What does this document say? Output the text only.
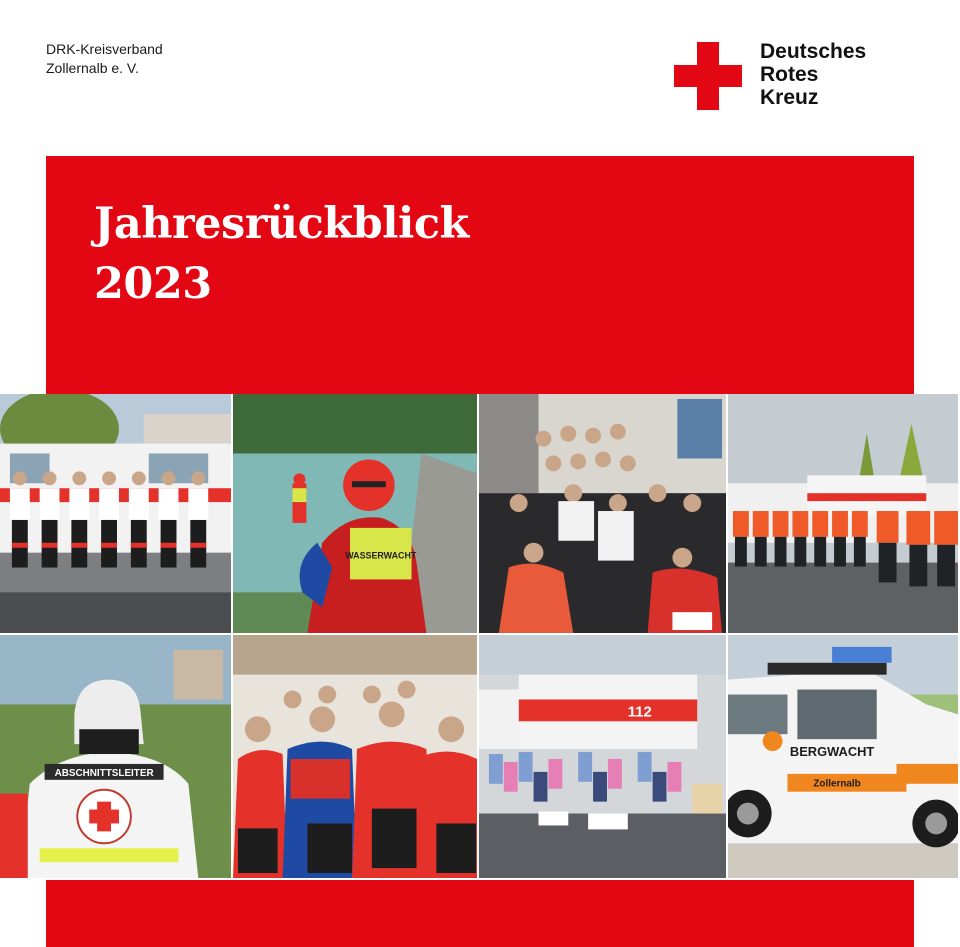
DRK-Kreisverband
Zollernalb e. V.
Deutsches
Rotes
Kreuz
Jahresrückblick
2023
WASSERWACHT
ABSCHNITTSLEITER
112
BERGWACHT
Zollernalb
